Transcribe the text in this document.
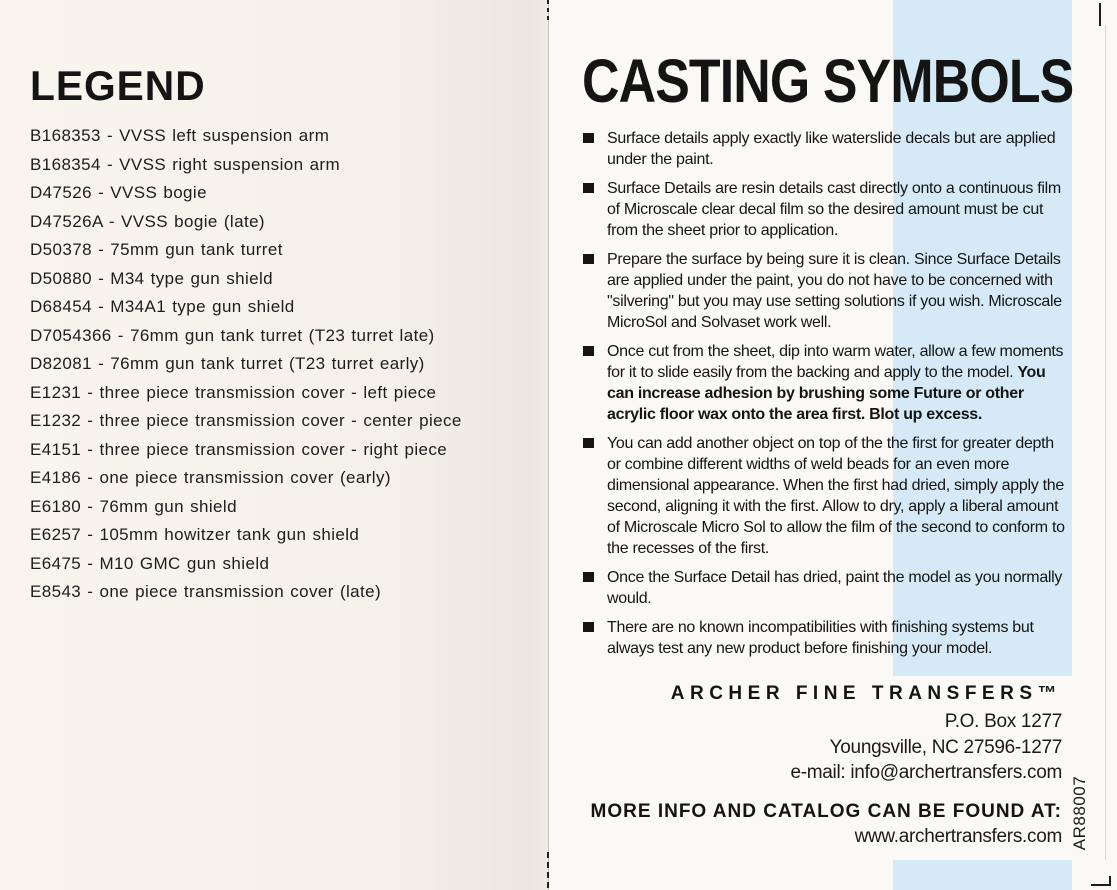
LEGEND
B168353 - VVSS left suspension arm
B168354 - VVSS right suspension arm
D47526 - VVSS bogie
D47526A - VVSS bogie (late)
D50378 - 75mm gun tank turret
D50880 - M34 type gun shield
D68454 - M34A1 type gun shield
D7054366 - 76mm gun tank turret (T23 turret late)
D82081 - 76mm gun tank turret (T23 turret early)
E1231 - three piece transmission cover - left piece
E1232 - three piece transmission cover - center piece
E4151 - three piece transmission cover - right piece
E4186 - one piece transmission cover (early)
E6180 - 76mm gun shield
E6257 - 105mm howitzer tank gun shield
E6475 - M10 GMC gun shield
E8543 - one piece transmission cover (late)
CASTING SYMBOLS
Surface details apply exactly like waterslide decals but are applied under the paint.
Surface Details are resin details cast directly onto a continuous film of Microscale clear decal film so the desired amount must be cut from the sheet prior to application.
Prepare the surface by being sure it is clean. Since Surface Details are applied under the paint, you do not have to be concerned with "silvering" but you may use setting solutions if you wish. Microscale MicroSol and Solvaset work well.
Once cut from the sheet, dip into warm water, allow a few moments for it to slide easily from the backing and apply to the model. You can increase adhesion by brushing some Future or other acrylic floor wax onto the area first. Blot up excess.
You can add another object on top of the the first for greater depth or combine different widths of weld beads for an even more dimensional appearance. When the first had dried, simply apply the second, aligning it with the first. Allow to dry, apply a liberal amount of Microscale Micro Sol to allow the film of the second to conform to the recesses of the first.
Once the Surface Detail has dried, paint the model as you normally would.
There are no known incompatibilities with finishing systems but always test any new product before finishing your model.
ARCHER FINE TRANSFERS™
P.O. Box 1277
Youngsville, NC 27596-1277
e-mail: info@archertransfers.com
MORE INFO AND CATALOG CAN BE FOUND AT:
www.archertransfers.com AR88007
